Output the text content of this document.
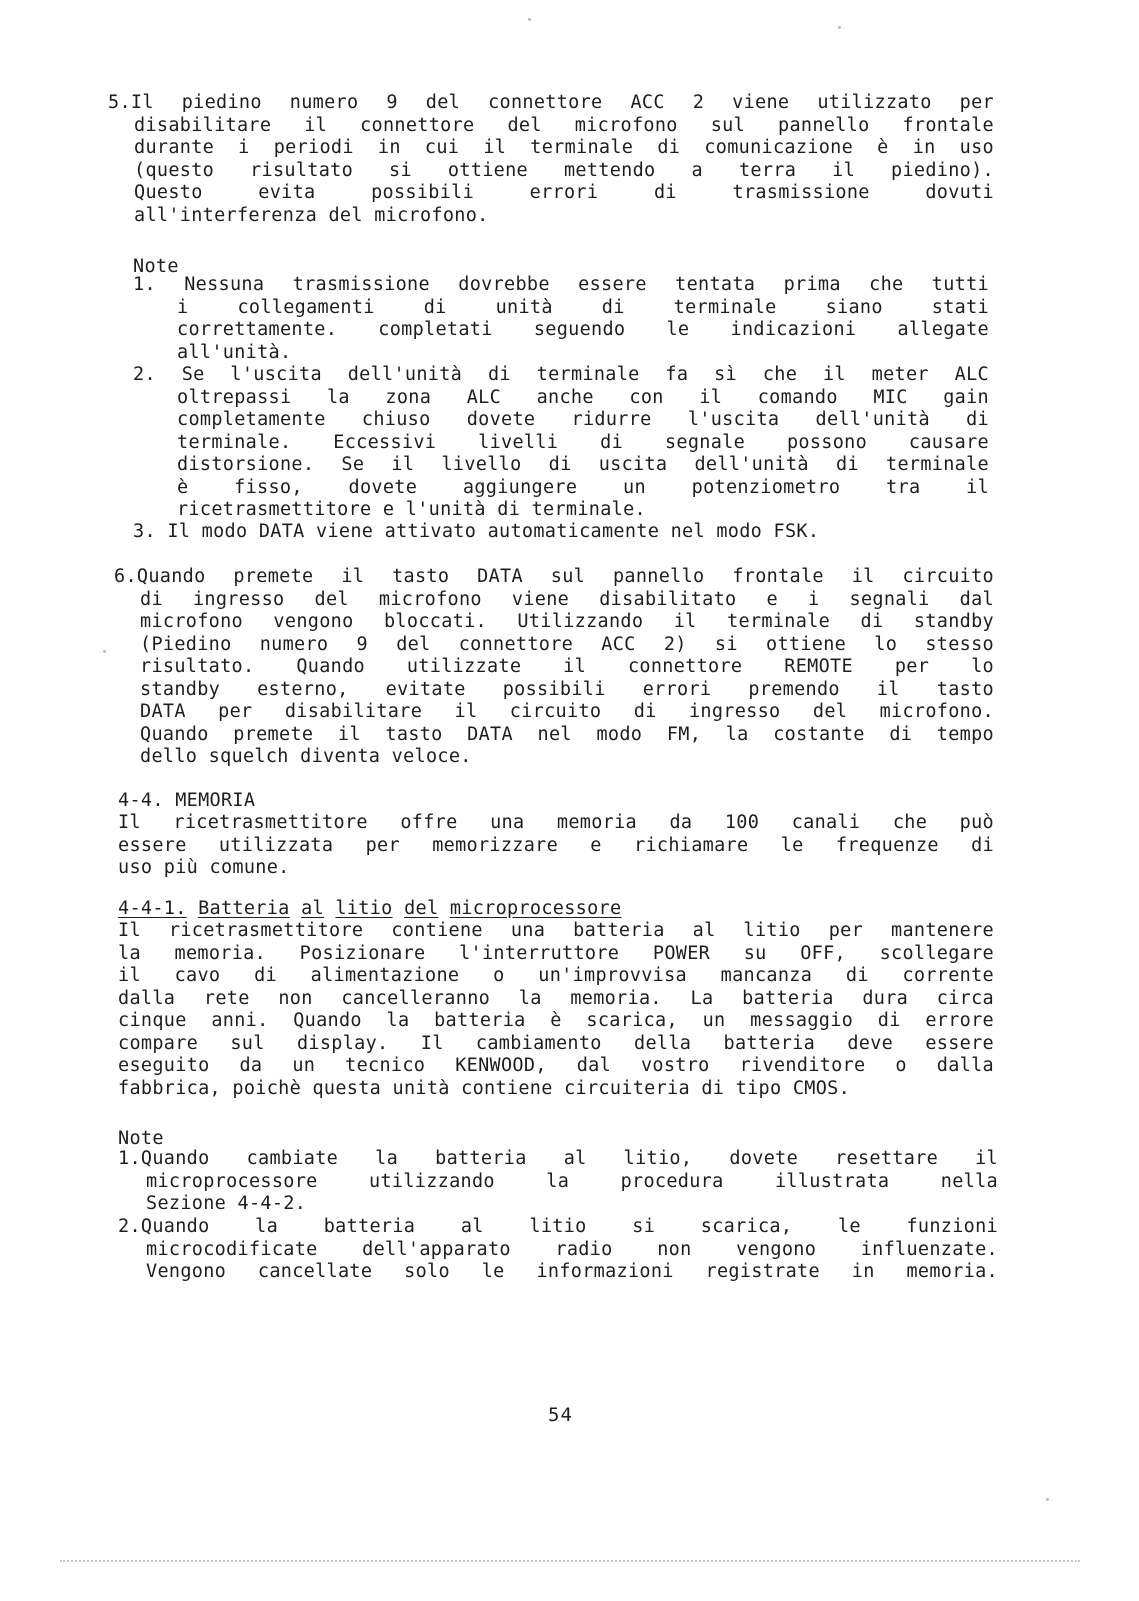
5.Il piedino numero 9 del connettore ACC 2 viene utilizzato per
disabilitare il connettore del microfono sul pannello frontale
durante i periodi in cui il terminale di comunicazione è in uso
(questo risultato si ottiene mettendo a terra il piedino).
Questo evita possibili errori di trasmissione dovuti
all'interferenza del microfono.
Note
1. Nessuna trasmissione dovrebbe essere tentata prima che tutti
i collegamenti di unità di terminale siano stati
correttamente. completati seguendo le indicazioni allegate
all'unità.
2. Se l'uscita dell'unità di terminale fa sì che il meter ALC
oltrepassi la zona ALC anche con il comando MIC gain
completamente chiuso dovete ridurre l'uscita dell'unità di
terminale. Eccessivi livelli di segnale possono causare
distorsione. Se il livello di uscita dell'unità di terminale
è fisso, dovete aggiungere un potenziometro tra il
ricetrasmettitore e l'unità di terminale.
3. Il modo DATA viene attivato automaticamente nel modo FSK.
6.Quando premete il tasto DATA sul pannello frontale il circuito
di ingresso del microfono viene disabilitato e i segnali dal
microfono vengono bloccati. Utilizzando il terminale di standby
(Piedino numero 9 del connettore ACC 2) si ottiene lo stesso
risultato. Quando utilizzate il connettore REMOTE per lo
standby esterno, evitate possibili errori premendo il tasto
DATA per disabilitare il circuito di ingresso del microfono.
Quando premete il tasto DATA nel modo FM, la costante di tempo
dello squelch diventa veloce.
4-4. MEMORIA
Il ricetrasmettitore offre una memoria da 100 canali che può
essere utilizzata per memorizzare e richiamare le frequenze di
uso più comune.
4-4-1. Batteria al litio del microprocessore
Il ricetrasmettitore contiene una batteria al litio per mantenere
la memoria. Posizionare l'interruttore POWER su OFF, scollegare
il cavo di alimentazione o un'improvvisa mancanza di corrente
dalla rete non cancelleranno la memoria. La batteria dura circa
cinque anni. Quando la batteria è scarica, un messaggio di errore
compare sul display. Il cambiamento della batteria deve essere
eseguito da un tecnico KENWOOD, dal vostro rivenditore o dalla
fabbrica, poichè questa unità contiene circuiteria di tipo CMOS.
Note
1.Quando cambiate la batteria al litio, dovete resettare il
microprocessore utilizzando la procedura illustrata nella
Sezione 4-4-2.
2.Quando la batteria al litio si scarica, le funzioni
microcodificate dell'apparato radio non vengono influenzate.
Vengono cancellate solo le informazioni registrate in memoria.
54
